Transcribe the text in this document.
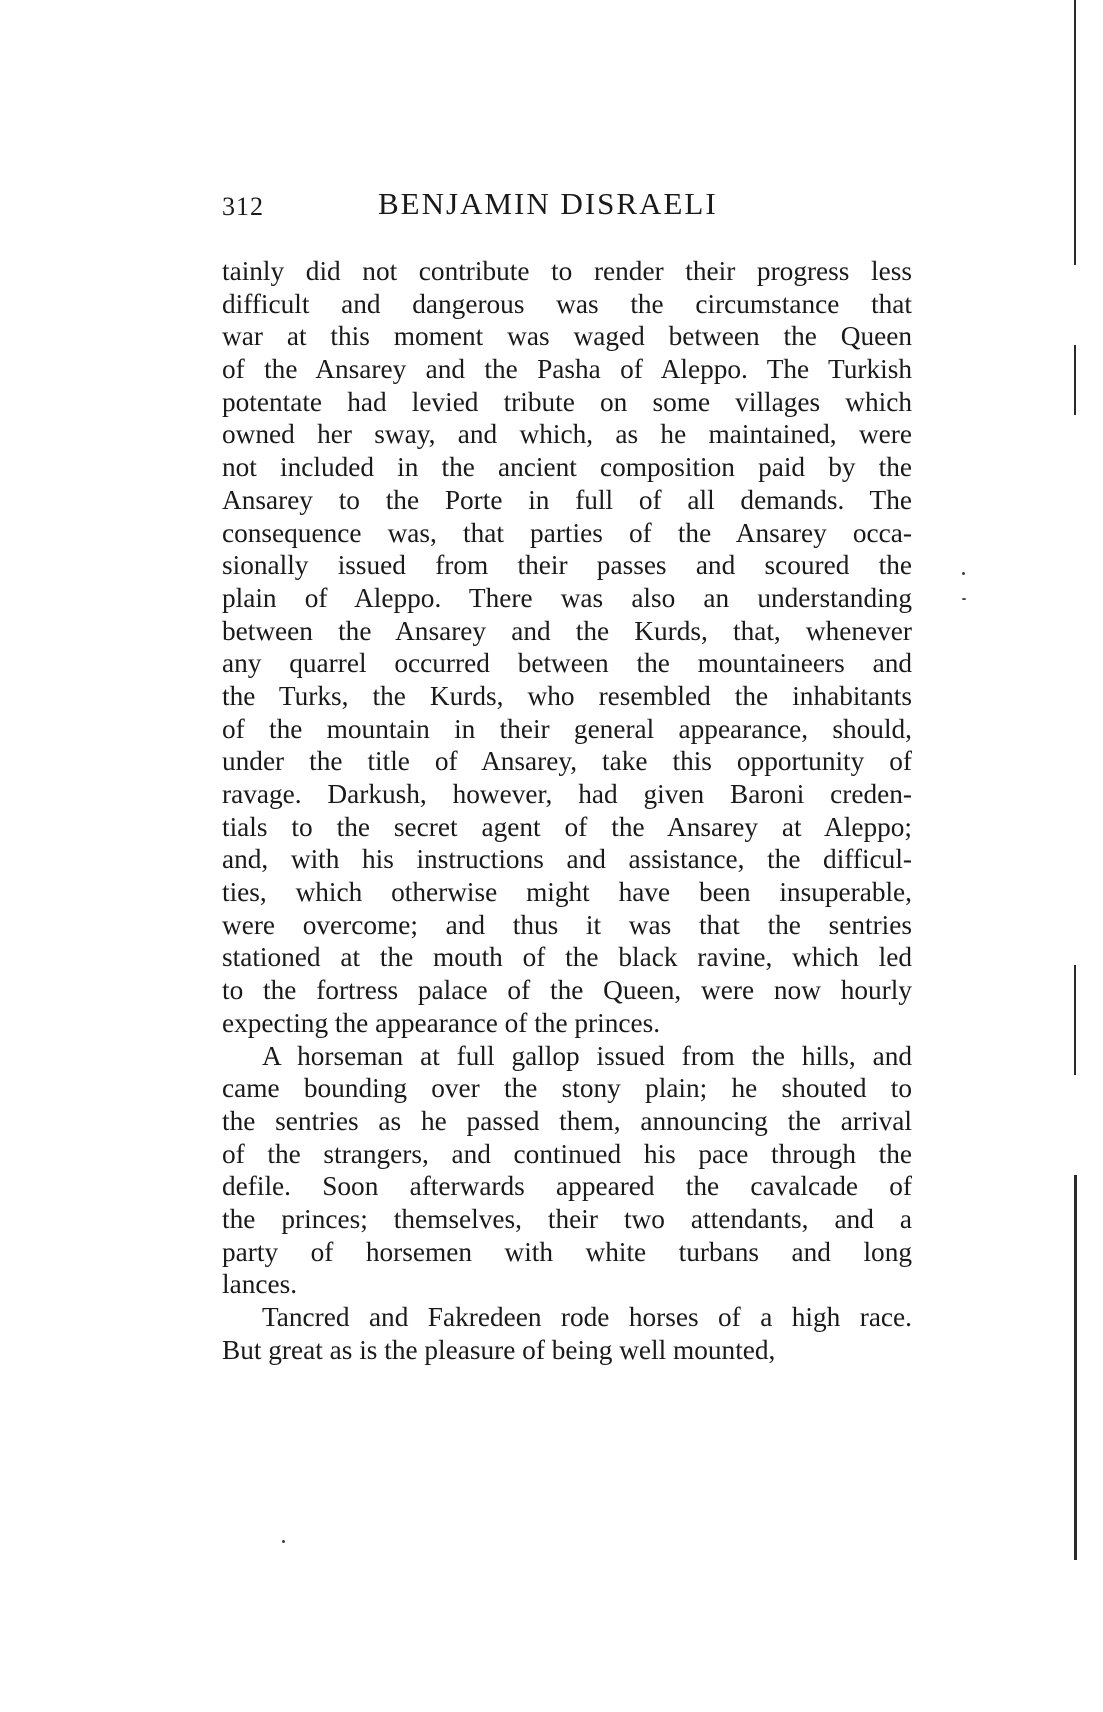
312	BENJAMIN DISRAELI
tainly did not contribute to render their progress less
difficult and dangerous was the circumstance that
war at this moment was waged between the Queen
of the Ansarey and the Pasha of Aleppo. The Turkish
potentate had levied tribute on some villages which
owned her sway, and which, as he maintained, were
not included in the ancient composition paid by the
Ansarey to the Porte in full of all demands. The
consequence was, that parties of the Ansarey occa-
sionally issued from their passes and scoured the
plain of Aleppo. There was also an understanding
between the Ansarey and the Kurds, that, whenever
any quarrel occurred between the mountaineers and
the Turks, the Kurds, who resembled the inhabitants
of the mountain in their general appearance, should,
under the title of Ansarey, take this opportunity of
ravage. Darkush, however, had given Baroni creden-
tials to the secret agent of the Ansarey at Aleppo;
and, with his instructions and assistance, the difficul-
ties, which otherwise might have been insuperable,
were overcome; and thus it was that the sentries
stationed at the mouth of the black ravine, which led
to the fortress palace of the Queen, were now hourly
expecting the appearance of the princes.
A horseman at full gallop issued from the hills, and
came bounding over the stony plain; he shouted to
the sentries as he passed them, announcing the arrival
of the strangers, and continued his pace through the
defile. Soon afterwards appeared the cavalcade of
the princes; themselves, their two attendants, and a
party of horsemen with white turbans and long
lances.
Tancred and Fakredeen rode horses of a high race.
But great as is the pleasure of being well mounted,
